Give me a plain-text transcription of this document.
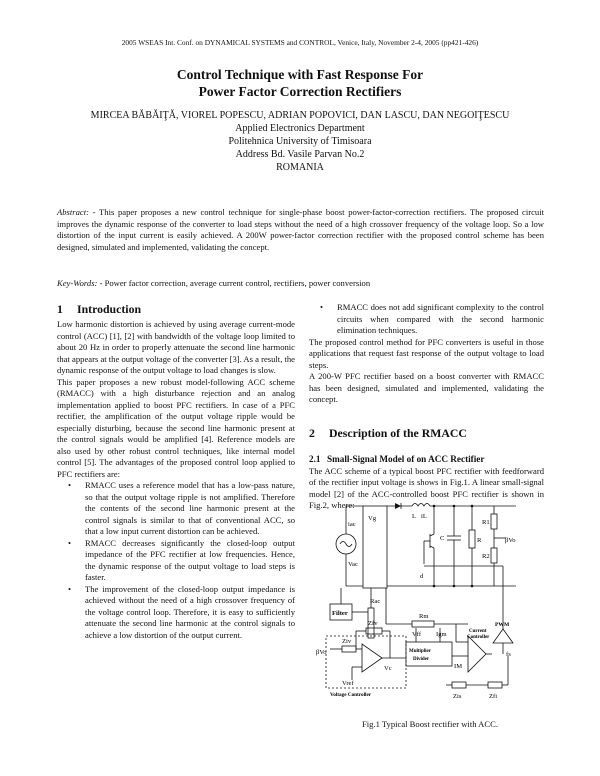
2005 WSEAS Int. Conf. on DYNAMICAL SYSTEMS and CONTROL, Venice, Italy, November 2-4, 2005 (pp421-426)
Control Technique with Fast Response For
Power Factor Correction Rectifiers
MIRCEA BĂBĂIŢĂ, VIOREL POPESCU, ADRIAN POPOVICI, DAN LASCU, DAN NEGOIŢESCU
Applied Electronics Department
Politehnica University of Timisoara
Address Bd. Vasile Parvan No.2
ROMANIA
Abstract: - This paper proposes a new control technique for single-phase boost power-factor-correction rectifiers. The proposed circuit improves the dynamic response of the converter to load steps without the need of a high crossover frequency of the voltage loop. So a low distortion of the input current is easily achieved. A 200W power-factor correction rectifier with the proposed control scheme has been designed, simulated and implemented, validating the concept.
Key-Words: - Power factor correction, average current control, rectifiers, power conversion
1 Introduction

Low harmonic distortion is achieved by using average current-mode control (ACC) [1], [2] with bandwidth of the voltage loop limited to about 20 Hz in order to properly attenuate the second line harmonic that appears at the output voltage of the converter [3]. As a result, the dynamic response of the output voltage to load changes is slow.

This paper proposes a new robust model-following ACC scheme (RMACC) with a high disturbance rejection and an analog implementation applied to boost PFC rectifiers. In case of a PFC rectifier, the amplification of the output voltage ripple would be especially disturbing, because the second line harmonic present at the control signals would be amplified [4]. Reference models are also used by other robust control techniques, like internal model control [5]. The advantages of the proposed control loop applied to PFC rectifiers are:

• RMACC uses a reference model that has a low-pass nature, so that the output voltage ripple is not amplified. Therefore the contents of the second line harmonic present at the control signals is similar to that of conventional ACC, so that a low input current distortion can be achieved.
• RMACC decreases significantly the closed-loop output impedance of the PFC rectifier at low frequencies. Hence, the dynamic response of the output voltage to load steps is faster.
• The improvement of the closed-loop output impedance is achieved without the need of a high crossover frequency of the voltage control loop. Therefore, it is easy to sufficiently attenuate the second line harmonic at the control signals to achieve a low distortion of the output current.
• RMACC does not add significant complexity to the control circuits when compared with the second harmonic elimination techniques.

The proposed control method for PFC converters is useful in those applications that request fast response of the output voltage to load steps.

A 200-W PFC rectifier based on a boost converter with RMACC has been designed, simulated and implemented, validating the concept.

2 Description of the RMACC
2.1 Small-Signal Model of on ACC Rectifier

The ACC scheme of a typical boost PFC rectifier with feedforward of the rectifier input voltage is shows in Fig.1. A linear small-signal model [2] of the ACC-controlled boost PFC rectifier is shown in Fig.2, where:

iac
Vac
Vg	L iL
C	R
R1
R2
βVo
d
Filter
Rac
Rm
PWM
fs
Zfv
Ziv
Vff Igm
βVo
Vref
Vc
Multiplier
Divider
IM
Current
Controller
Voltage Controller	Zis	Zfi
Fig.1 Typical Boost rectifier with ACC.
